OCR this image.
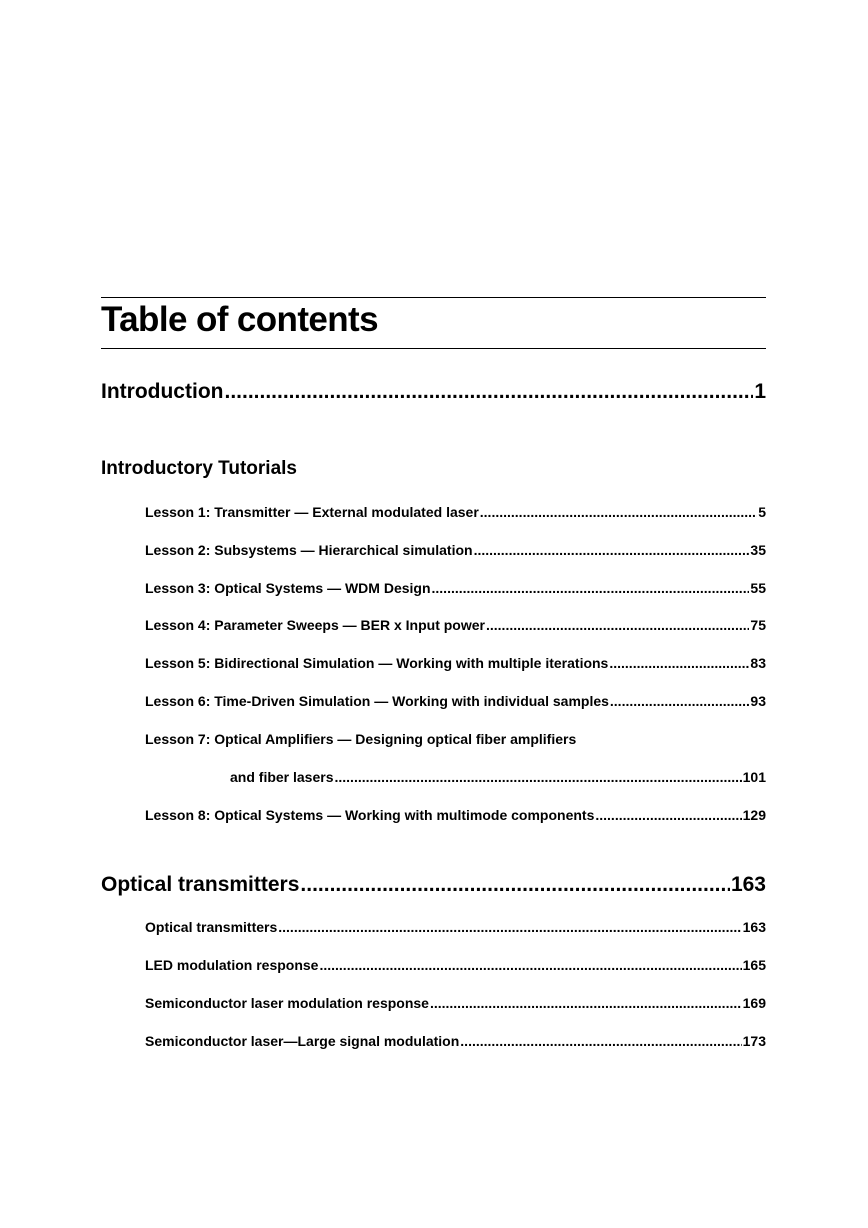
Table of contents
Introduction .....	1
Introductory Tutorials
Lesson 1: Transmitter — External modulated laser .....	5
Lesson 2: Subsystems — Hierarchical simulation .....	35
Lesson 3: Optical Systems — WDM Design .....	55
Lesson 4: Parameter Sweeps — BER x Input power .....	75
Lesson 5: Bidirectional Simulation — Working with multiple iterations .....	83
Lesson 6: Time-Driven Simulation — Working with individual samples .....	93

Lesson 7: Optical Amplifiers — Designing optical fiber amplifiers

and fiber lasers .....	101
Lesson 8: Optical Systems — Working with multimode components .....	129
Optical transmitters .....	163
Optical transmitters .....	163
LED modulation response .....	165
Semiconductor laser modulation response .....	169
Semiconductor laser—Large signal modulation .....	173
